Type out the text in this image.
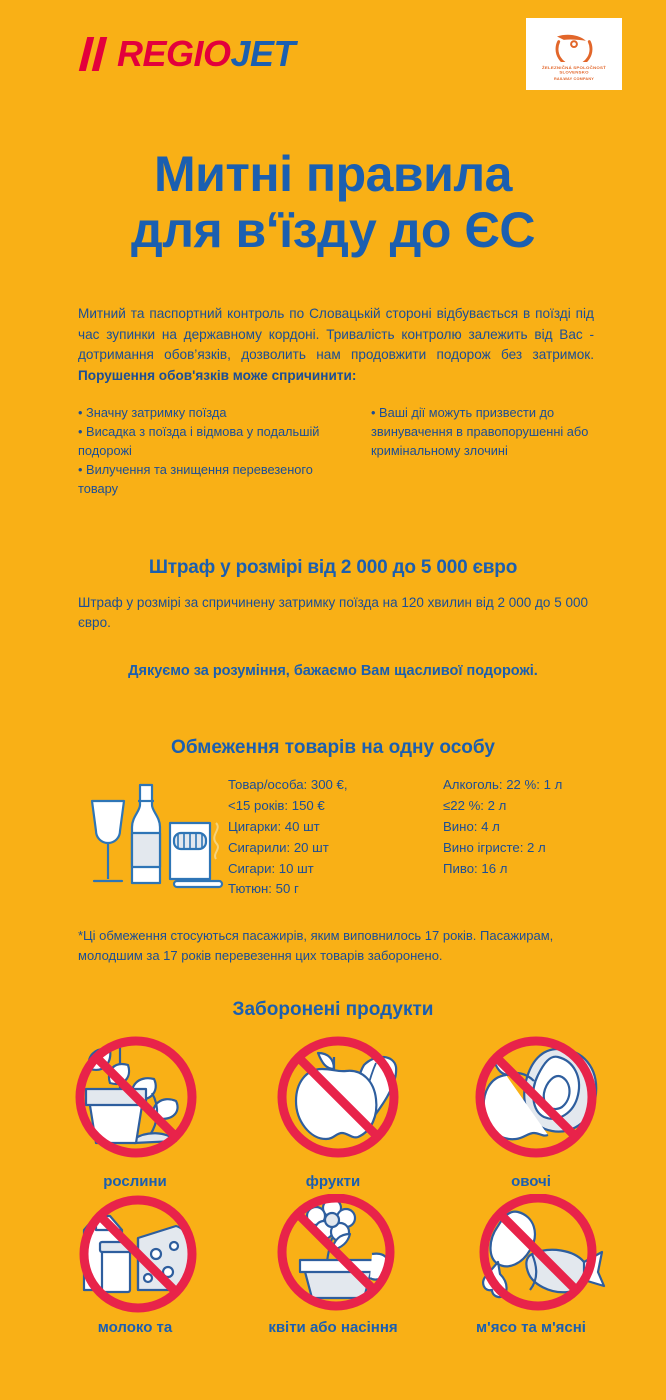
REGIO JET	ŽELEZNIČNÁ SPOLOČNOSŤ SLOVENSKO
RAILWAY COMPANY
Митні правила
для в‘їзду до ЄС
Митний та паспортний контроль по Словацькій стороні відбувається в поїзді під час зупинки на державному кордоні. Тривалість контролю залежить від Вас - дотримання обов’язків, дозволить нам продовжити подорож без затримок. Порушення обов'язків може спричинити:

• Значну затримку поїзда

• Висадка з поїзда і відмова у подальшій подорожі

• Вилучення та знищення перевезеного товару

• Ваші дії можуть призвести до звинувачення в правопорушенні або кримінальному злочині

Штраф у розмірі від 2 000 до 5 000 євро
Штраф у розмірі за спричинену затримку поїзда на 120 хвилин від 2 000 до 5 000 євро.
Дякуємо за розуміння, бажаємо Вам щасливої подорожі.
Обмеження товарів на одну особу

Товар/особа: 300 €,

<15 років: 150 €

Цигарки: 40 шт

Сигарили: 20 шт

Сигари: 10 шт

Тютюн: 50 г

Алкоголь: 22 %: 1 л

≤22 %: 2 л

Вино: 4 л

Вино ігристе: 2 л

Пиво: 16 л

*Ці обмеження стосуються пасажирів, яким виповнилось 17 років. Пасажирам, молодшим за 17 років перевезення цих товарів заборонено.
Заборонені продукти
рослини	фрукти	овочі
молоко та	квіти або насіння	м'ясо та м'ясні
